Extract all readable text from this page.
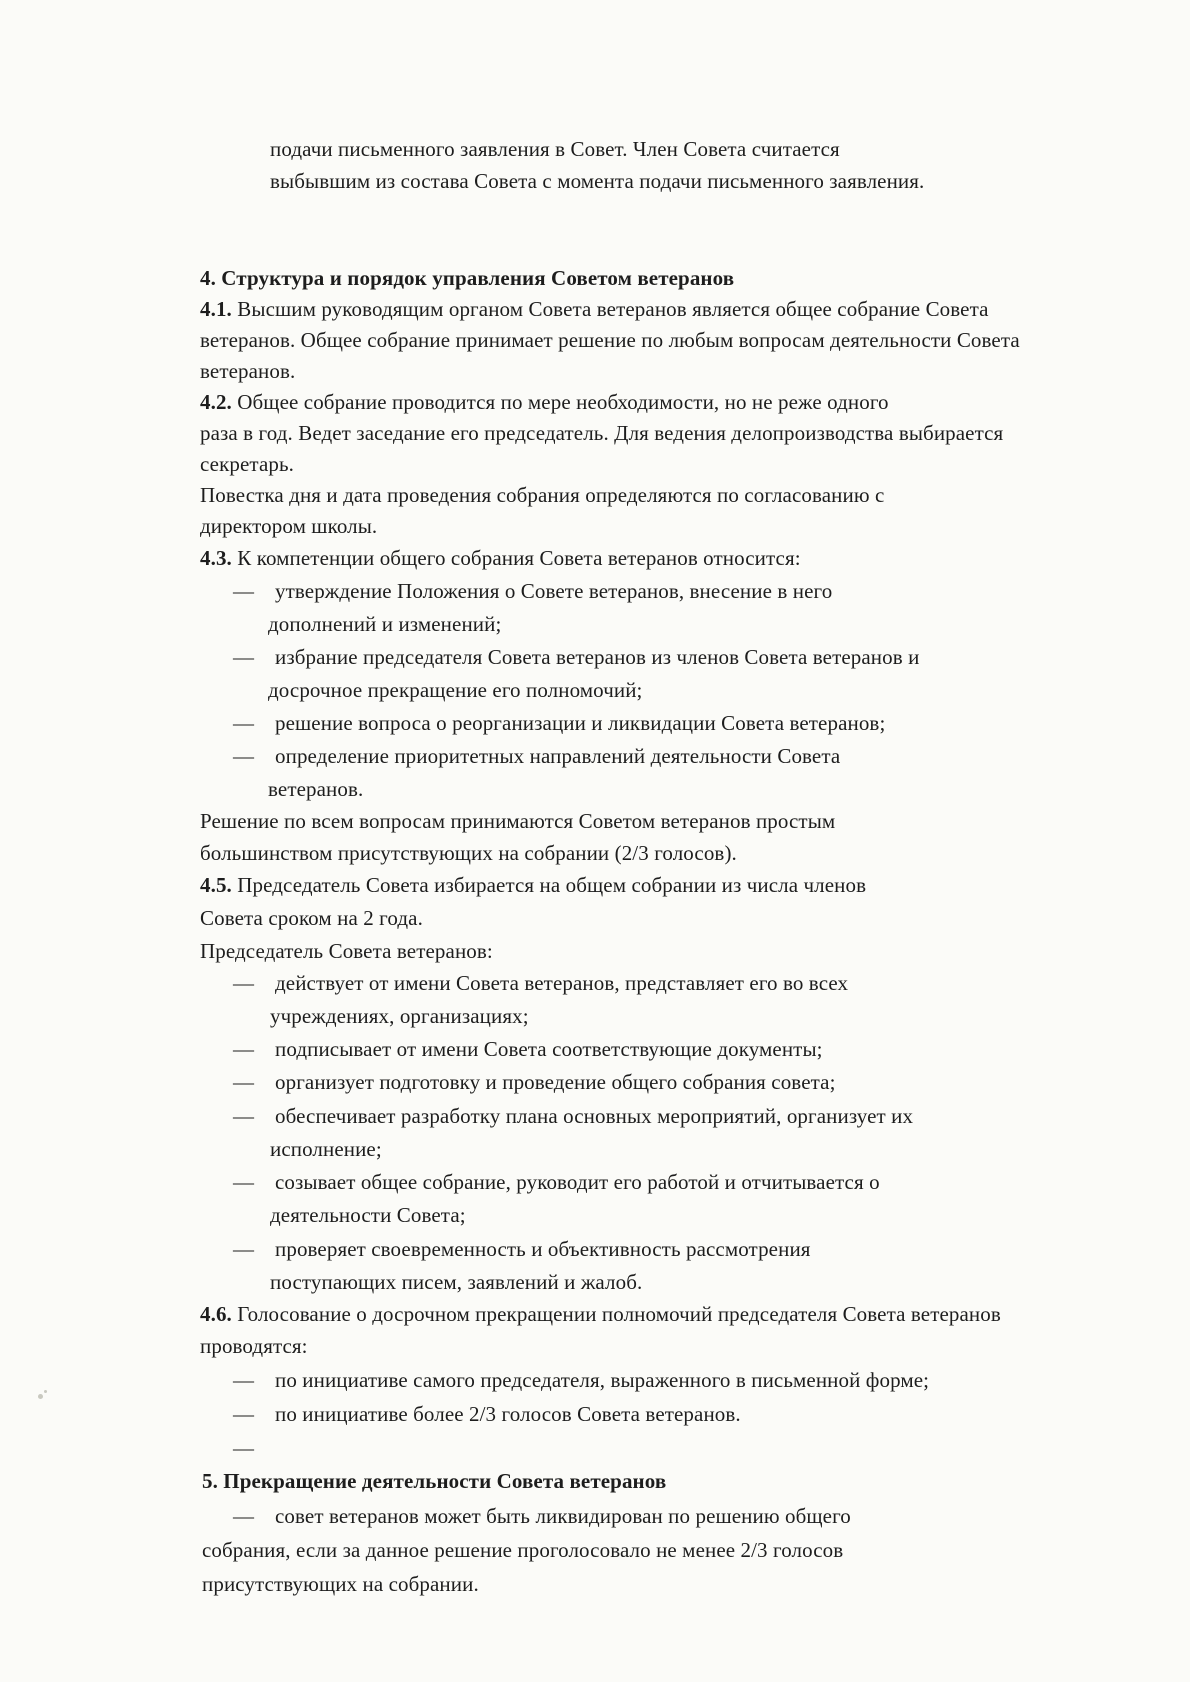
подачи письменного заявления в Совет. Член Совета считается
выбывшим из состава Совета с момента подачи письменного заявления.
4. Структура и порядок управления Советом ветеранов
4.1. Высшим руководящим органом Совета ветеранов является общее собрание Совета
ветеранов. Общее собрание принимает решение по любым вопросам деятельности Совета
ветеранов.
4.2. Общее собрание проводится по мере необходимости, но не реже одного
раза в год. Ведет заседание его председатель. Для ведения делопроизводства выбирается
секретарь.
Повестка дня и дата проведения собрания определяются по согласованию с
директором школы.
4.3. К компетенции общего собрания Совета ветеранов относится:
— утверждение Положения о Совете ветеранов, внесение в него
дополнений и изменений;
— избрание председателя Совета ветеранов из членов Совета ветеранов и
досрочное прекращение его полномочий;
— решение вопроса о реорганизации и ликвидации Совета ветеранов;
— определение приоритетных направлений деятельности Совета
ветеранов.
Решение по всем вопросам принимаются Советом ветеранов простым
большинством присутствующих на собрании (2/3 голосов).
4.5. Председатель Совета избирается на общем собрании из числа членов
Совета сроком на 2 года.
Председатель Совета ветеранов:
— действует от имени Совета ветеранов, представляет его во всех
учреждениях, организациях;
— подписывает от имени Совета соответствующие документы;
— организует подготовку и проведение общего собрания совета;
— обеспечивает разработку плана основных мероприятий, организует их
исполнение;
— созывает общее собрание, руководит его работой и отчитывается о
деятельности Совета;
— проверяет своевременность и объективность рассмотрения
поступающих писем, заявлений и жалоб.
4.6. Голосование о досрочном прекращении полномочий председателя Совета ветеранов
проводятся:
— по инициативе самого председателя, выраженного в письменной форме;
— по инициативе более 2/3 голосов Совета ветеранов.
—
5. Прекращение деятельности Совета ветеранов
— совет ветеранов может быть ликвидирован по решению общего
собрания, если за данное решение проголосовало не менее 2/3 голосов
присутствующих на собрании.
